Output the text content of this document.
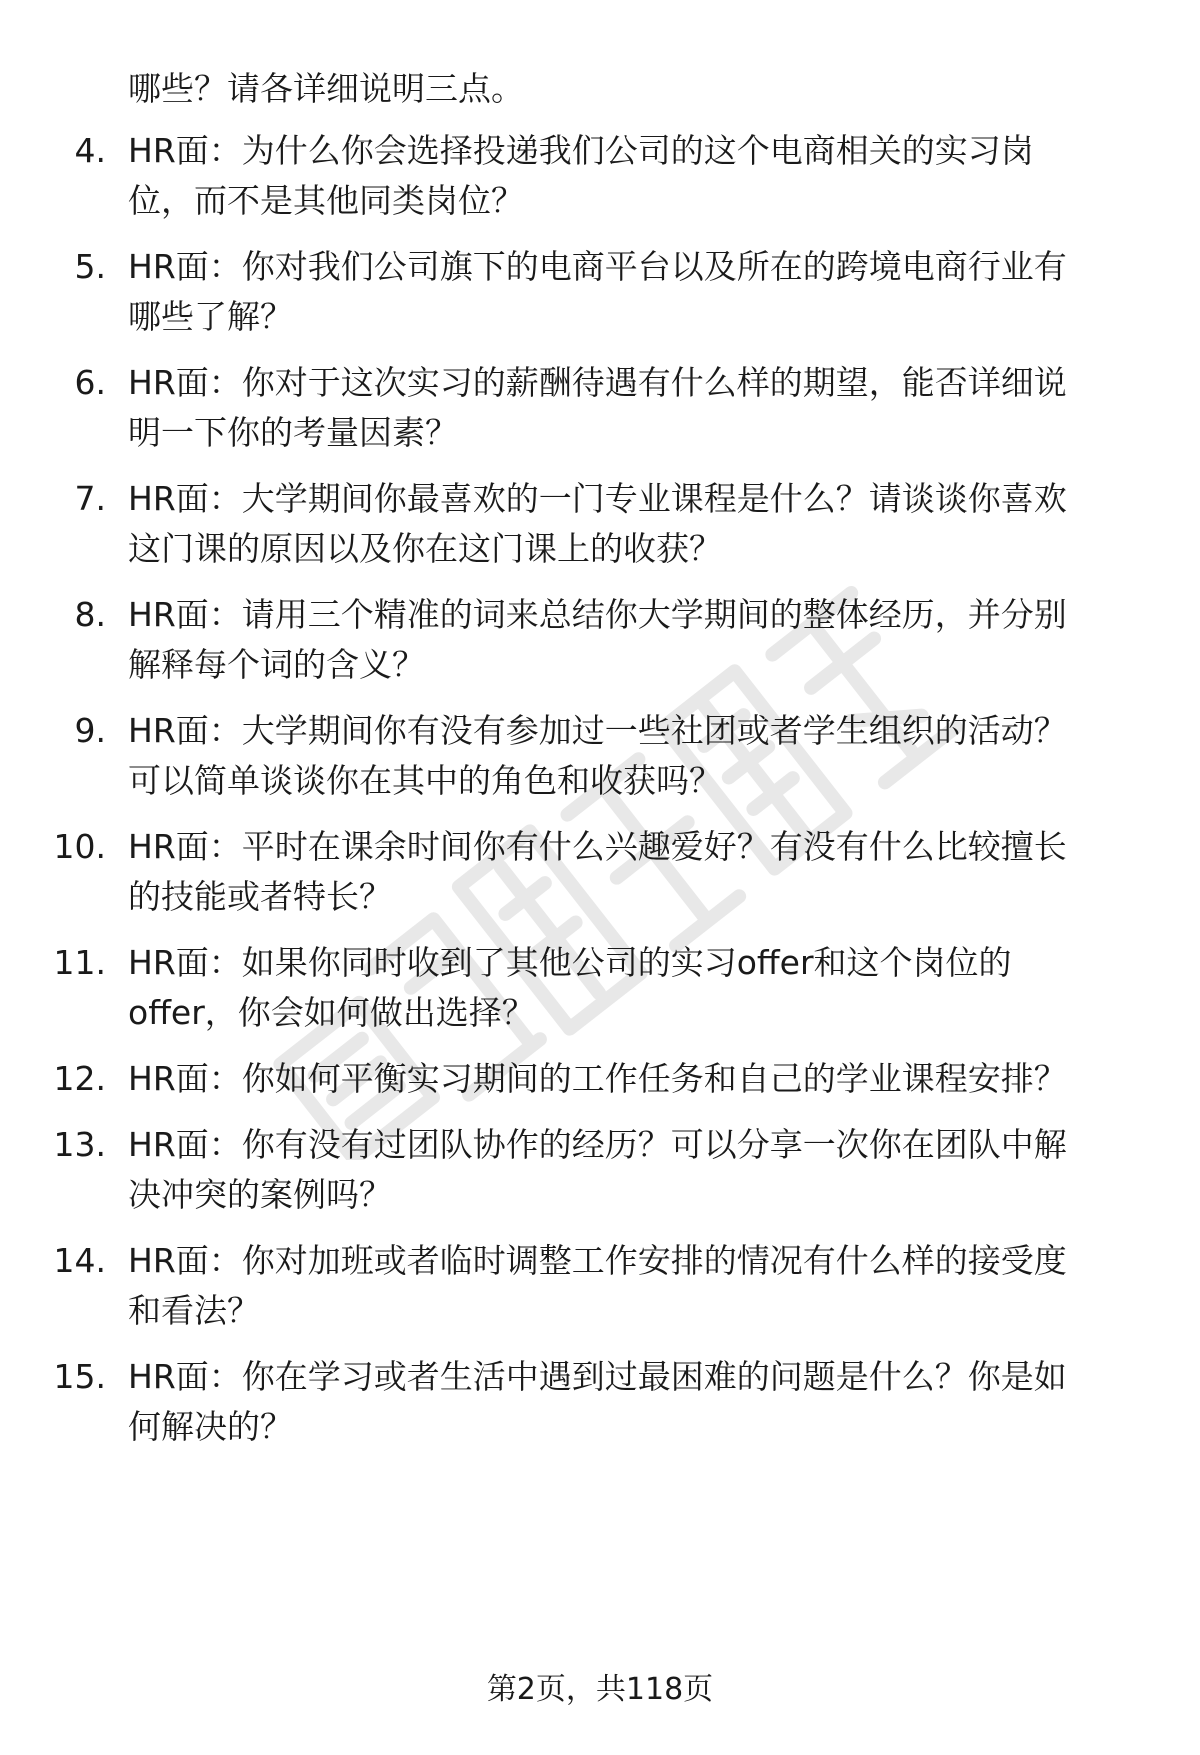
哪些？请各详细说明三点。
4. HR面：为什么你会选择投递我们公司的这个电商相关的实习岗
位，而不是其他同类岗位？
5. HR面：你对我们公司旗下的电商平台以及所在的跨境电商行业有
哪些了解？
6. HR面：你对于这次实习的薪酬待遇有什么样的期望，能否详细说
明一下你的考量因素？
7. HR面：大学期间你最喜欢的一门专业课程是什么？请谈谈你喜欢
这门课的原因以及你在这门课上的收获？
8. HR面：请用三个精准的词来总结你大学期间的整体经历，并分别
解释每个词的含义？
9. HR面：大学期间你有没有参加过一些社团或者学生组织的活动？
可以简单谈谈你在其中的角色和收获吗？
10. HR面：平时在课余时间你有什么兴趣爱好？有没有什么比较擅长
的技能或者特长？
11. HR面：如果你同时收到了其他公司的实习offer和这个岗位的
offer，你会如何做出选择？
12. HR面：你如何平衡实习期间的工作任务和自己的学业课程安排？
13. HR面：你有没有过团队协作的经历？可以分享一次你在团队中解
决冲突的案例吗？
14. HR面：你对加班或者临时调整工作安排的情况有什么样的接受度
和看法？
15. HR面：你在学习或者生活中遇到过最困难的问题是什么？你是如
何解决的？
第2页，共118页
